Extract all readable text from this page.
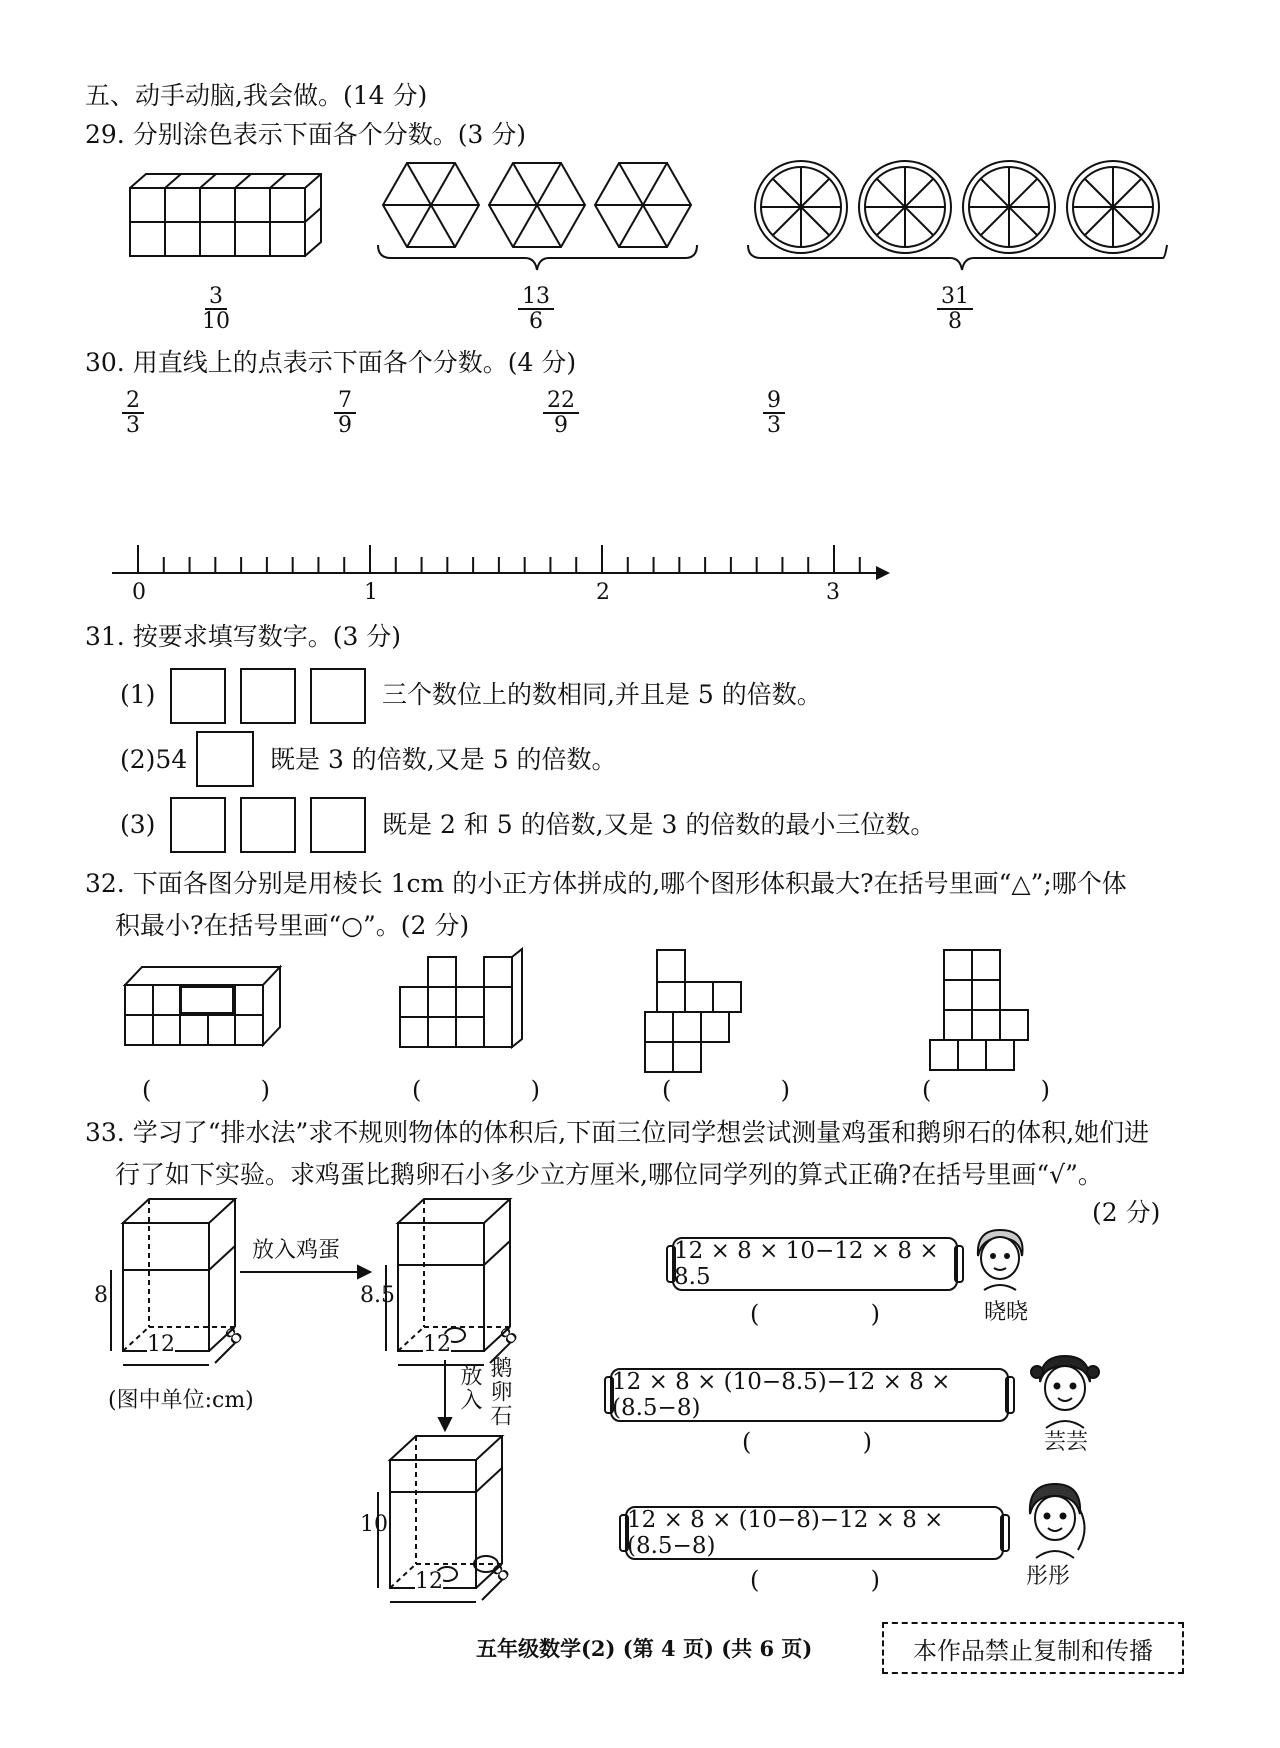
五、动手动脑,我会做。(14 分)
29. 分别涂色表示下面各个分数。(3 分)
$\frac{3}{10}$	$\frac{13}{6}$	$\frac{31}{8}$
30. 用直线上的点表示下面各个分数。(4 分)
$\frac{2}{3}$	$\frac{7}{9}$	$\frac{22}{9}$	$\frac{9}{3}$
0	1	2	3
31. 按要求填写数字。(3 分)
(1)	三个数位上的数相同,并且是 5 的倍数。
(2)54	既是 3 的倍数,又是 5 的倍数。
(3)	既是 2 和 5 的倍数,又是 3 的倍数的最小三位数。
32. 下面各图分别是用棱长 1cm 的小正方体拼成的,哪个图形体积最大?在括号里画“△”;哪个体
积最小?在括号里画“○”。(2 分)
(	)	(	)	(	)	(	)
33. 学习了“排水法”求不规则物体的体积后,下面三位同学想尝试测量鸡蛋和鹅卵石的体积,她们进
行了如下实验。求鸡蛋比鹅卵石小多少立方厘米,哪位同学列的算式正确?在括号里画“√”。
(2 分)
8
12 8
放入鸡蛋
8.5
12 8
放入 鹅卵石
(图中单位:cm)
10
12 8
12 × 8 × 10−12 × 8 × 8.5
(	)	晓晓
12 × 8 × (10−8.5)−12 × 8 × (8.5−8)
(	)	芸芸
12 × 8 × (10−8)−12 × 8 × (8.5−8)
(	)	彤彤
五年级数学(2) (第 4 页) (共 6 页)	本作品禁止复制和传播
